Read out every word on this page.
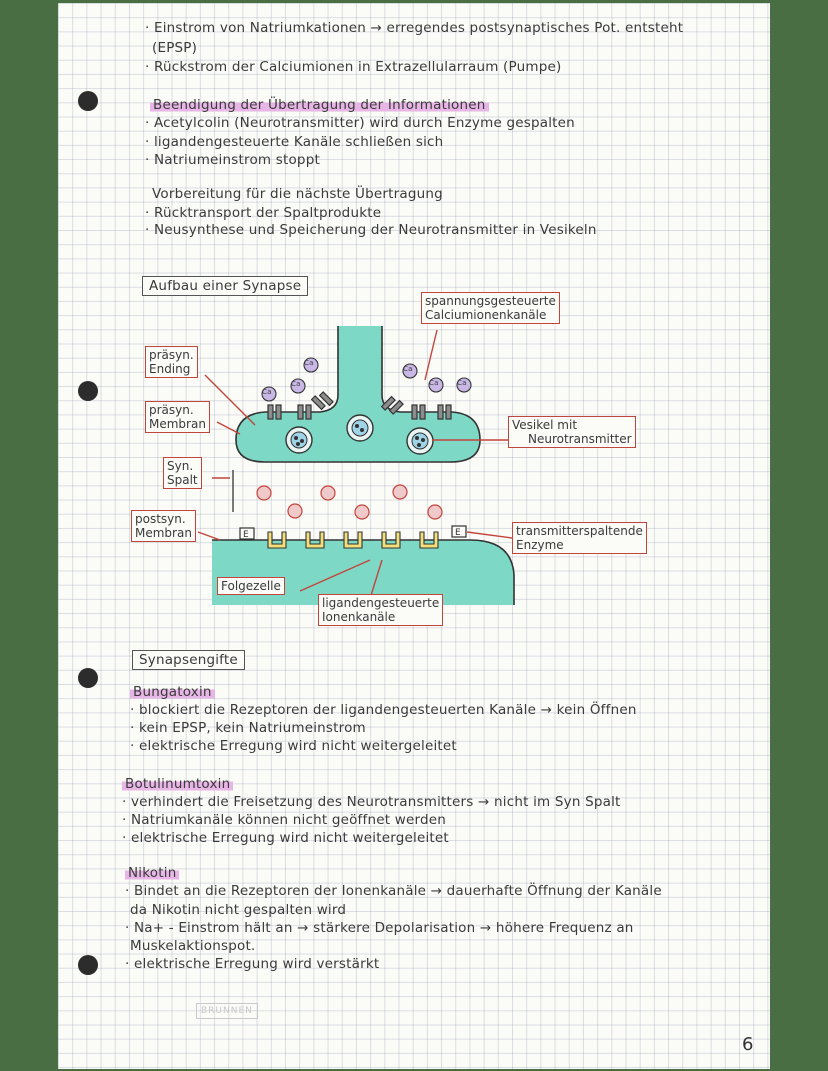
BRUNNEN
· Einstrom von Natriumkationen → erregendes postsynaptisches Pot. entsteht
(EPSP)
· Rückstrom der Calciumionen in Extrazellularraum (Pumpe)
Beendigung der Übertragung der Informationen
· Acetylcolin (Neurotransmitter) wird durch Enzyme gespalten
· ligandengesteuerte Kanäle schließen sich
· Natriumeinstrom stoppt
Vorbereitung für die nächste Übertragung
· Rücktransport der Spaltprodukte
· Neusynthese und Speicherung der Neurotransmitter in Vesikeln
Aufbau einer Synapse
E	E
Ca
Ca
Ca
Ca
Ca	Ca
präsyn.
Ending
präsyn.
Membran
Syn.
Spalt
postsyn.
Membran
spannungsgesteuerte
Calciumionenkanäle
Vesikel mit
Neurotransmitter
transmitterspaltende
Enzyme
Folgezelle
ligandengesteuerte
Ionenkanäle
Synapsengifte
Bungatoxin
· blockiert die Rezeptoren der ligandengesteuerten Kanäle → kein Öffnen
· kein EPSP, kein Natriumeinstrom
· elektrische Erregung wird nicht weitergeleitet
Botulinumtoxin
· verhindert die Freisetzung des Neurotransmitters → nicht im Syn Spalt
· Natriumkanäle können nicht geöffnet werden
· elektrische Erregung wird nicht weitergeleitet
Nikotin
· Bindet an die Rezeptoren der Ionenkanäle → dauerhafte Öffnung der Kanäle
da Nikotin nicht gespalten wird
· Na+ - Einstrom hält an → stärkere Depolarisation → höhere Frequenz an
Muskelaktionspot.
· elektrische Erregung wird verstärkt
6
